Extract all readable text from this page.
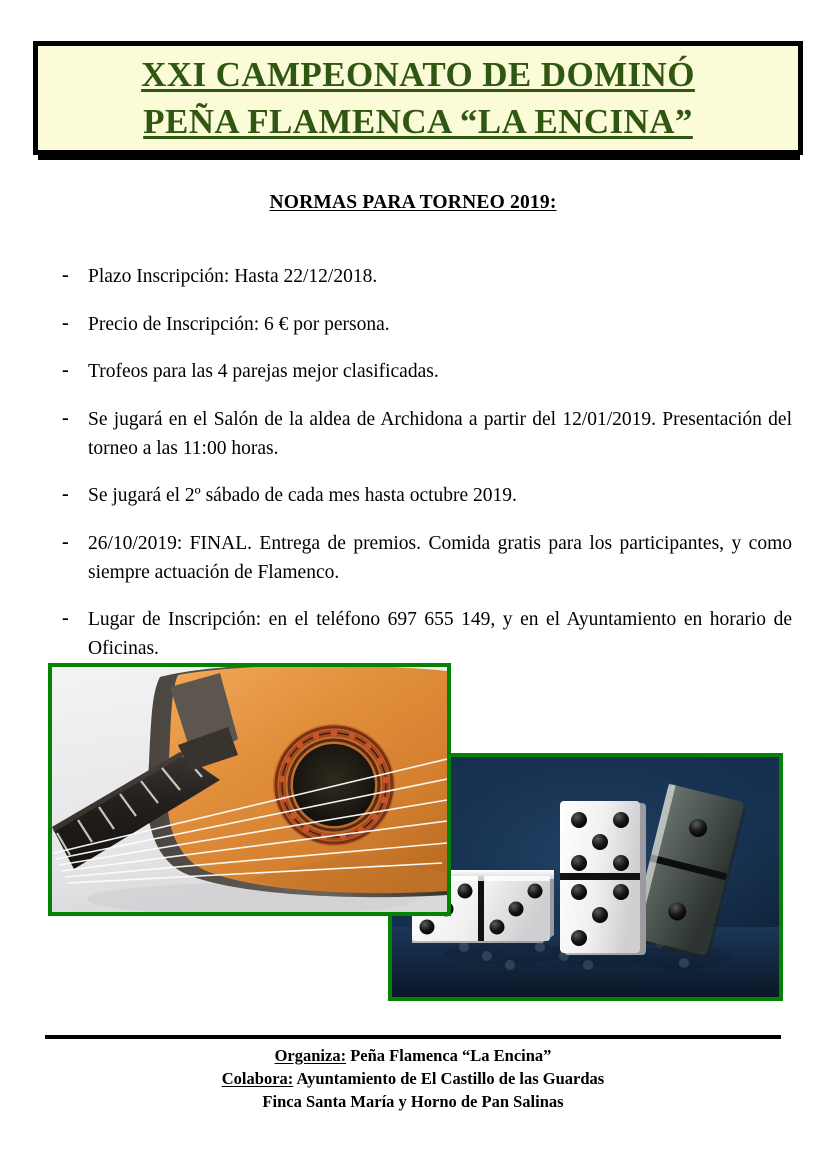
XXI CAMPEONATO DE DOMINÓ
PEÑA FLAMENCA “LA ENCINA”
NORMAS PARA TORNEO 2019:
- Plazo Inscripción: Hasta 22/12/2018.
- Precio de Inscripción: 6 € por persona.
- Trofeos para las 4 parejas mejor clasificadas.
- Se jugará en el Salón de la aldea de Archidona a partir del 12/01/2019. Presentación del torneo a las 11:00 horas.
- Se jugará el 2º sábado de cada mes hasta octubre 2019.
- 26/10/2019: FINAL. Entrega de premios. Comida gratis para los participantes, y como siempre actuación de Flamenco.
- Lugar de Inscripción: en el teléfono 697 655 149, y en el Ayuntamiento en horario de Oficinas.
Organiza: Peña Flamenca “La Encina”
Colabora: Ayuntamiento de El Castillo de las Guardas
Finca Santa María y Horno de Pan Salinas
